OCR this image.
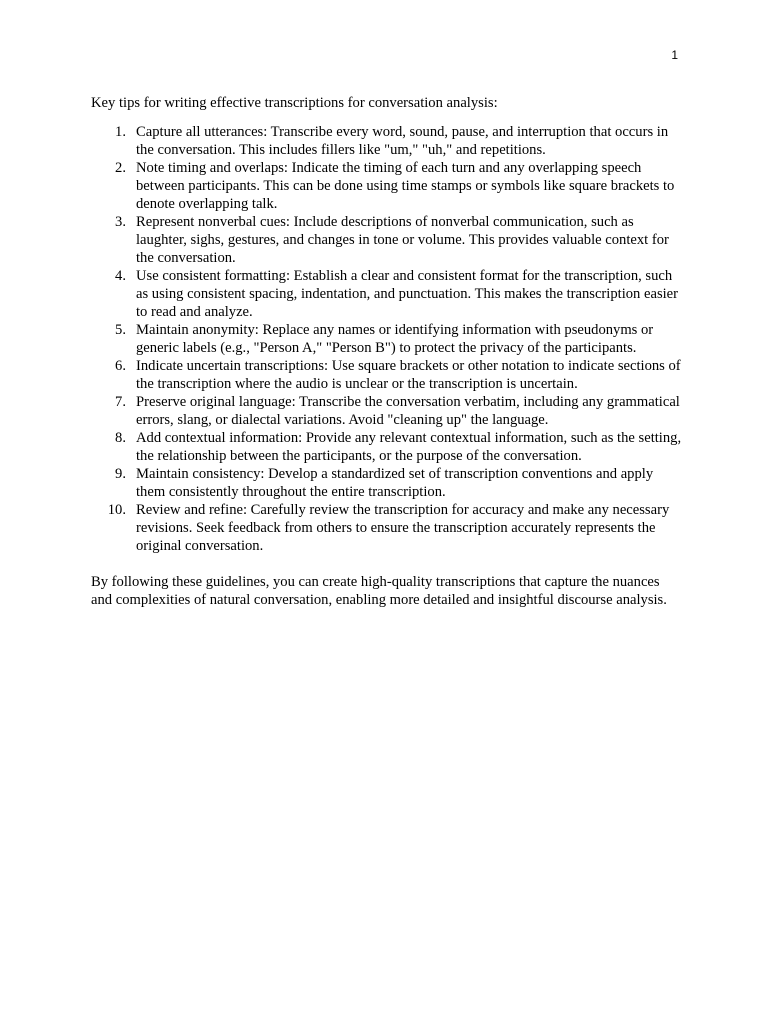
1

Key tips for writing effective transcriptions for conversation analysis:

1. Capture all utterances: Transcribe every word, sound, pause, and interruption that occurs in the conversation. This includes fillers like "um," "uh," and repetitions.
2. Note timing and overlaps: Indicate the timing of each turn and any overlapping speech between participants. This can be done using time stamps or symbols like square brackets to denote overlapping talk.
3. Represent nonverbal cues: Include descriptions of nonverbal communication, such as laughter, sighs, gestures, and changes in tone or volume. This provides valuable context for the conversation.
4. Use consistent formatting: Establish a clear and consistent format for the transcription, such as using consistent spacing, indentation, and punctuation. This makes the transcription easier to read and analyze.
5. Maintain anonymity: Replace any names or identifying information with pseudonyms or generic labels (e.g., "Person A," "Person B") to protect the privacy of the participants.
6. Indicate uncertain transcriptions: Use square brackets or other notation to indicate sections of the transcription where the audio is unclear or the transcription is uncertain.
7. Preserve original language: Transcribe the conversation verbatim, including any grammatical errors, slang, or dialectal variations. Avoid "cleaning up" the language.
8. Add contextual information: Provide any relevant contextual information, such as the setting, the relationship between the participants, or the purpose of the conversation.
9. Maintain consistency: Develop a standardized set of transcription conventions and apply them consistently throughout the entire transcription.
10. Review and refine: Carefully review the transcription for accuracy and make any necessary revisions. Seek feedback from others to ensure the transcription accurately represents the original conversation.

By following these guidelines, you can create high-quality transcriptions that capture the nuances and complexities of natural conversation, enabling more detailed and insightful discourse analysis.
